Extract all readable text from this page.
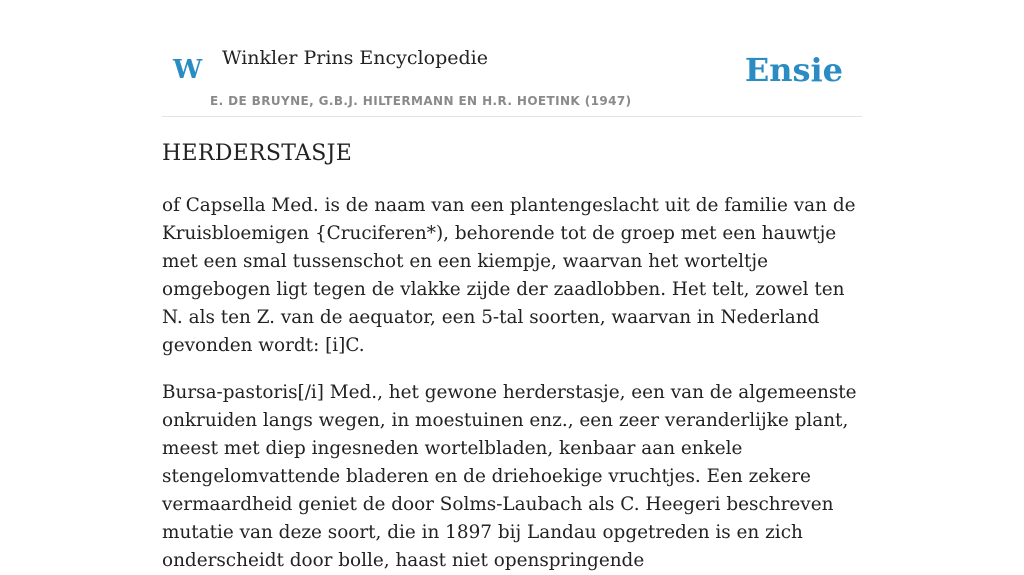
W Winkler Prins Encyclopedie
E. DE BRUYNE, G.B.J. HILTERMANN EN H.R. HOETINK (1947)
Ensie
HERDERSTASJE

of Capsella Med. is de naam van een plantengeslacht uit de familie van de Kruisbloemigen {Cruciferen*), behorende tot de groep met een hauwtje met een smal tussenschot en een kiempje, waarvan het worteltje omgebogen ligt tegen de vlakke zijde der zaadlobben. Het telt, zowel ten N. als ten Z. van de aequator, een 5-tal soorten, waarvan in Nederland gevonden wordt: [i]C.

Bursa-pastoris[/i] Med., het gewone herderstasje, een van de algemeenste onkruiden langs wegen, in moestuinen enz., een zeer veranderlijke plant, meest met diep ingesneden wortelbladen, kenbaar aan enkele stengelomvattende bladeren en de driehoekige vruchtjes. Een zekere vermaardheid geniet de door Solms-Laubach als C. Heegeri beschreven mutatie van deze soort, die in 1897 bij Landau opgetreden is en zich onderscheidt door bolle, haast niet openspringende
